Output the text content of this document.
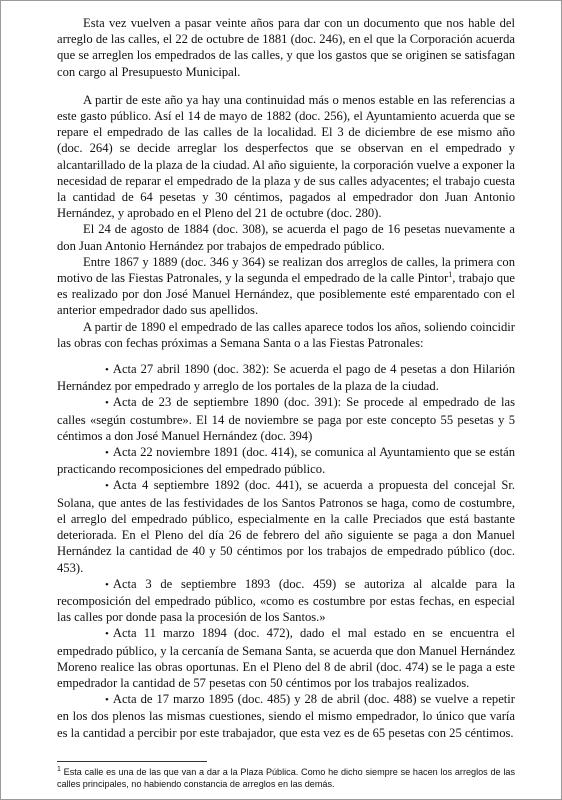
Esta vez vuelven a pasar veinte años para dar con un documento que nos hable del arreglo de las calles, el 22 de octubre de 1881 (doc. 246), en el que la Corporación acuerda que se arreglen los empedrados de las calles, y que los gastos que se originen se satisfagan con cargo al Presupuesto Municipal.

A partir de este año ya hay una continuidad más o menos estable en las referencias a este gasto público. Así el 14 de mayo de 1882 (doc. 256), el Ayuntamiento acuerda que se repare el empedrado de las calles de la localidad. El 3 de diciembre de ese mismo año (doc. 264) se decide arreglar los desperfectos que se observan en el empedrado y alcantarillado de la plaza de la ciudad. Al año siguiente, la corporación vuelve a exponer la necesidad de reparar el empedrado de la plaza y de sus calles adyacentes; el trabajo cuesta la cantidad de 64 pesetas y 30 céntimos, pagados al empedrador don Juan Antonio Hernández, y aprobado en el Pleno del 21 de octubre (doc. 280).

El 24 de agosto de 1884 (doc. 308), se acuerda el pago de 16 pesetas nuevamente a don Juan Antonio Hernández por trabajos de empedrado público.

Entre 1867 y 1889 (doc. 346 y 364) se realizan dos arreglos de calles, la primera con motivo de las Fiestas Patronales, y la segunda el empedrado de la calle Pintor$^1$, trabajo que es realizado por don José Manuel Hernández, que posiblemente esté emparentado con el anterior empedrador dado sus apellidos.

A partir de 1890 el empedrado de las calles aparece todos los años, soliendo coincidir las obras con fechas próximas a Semana Santa o a las Fiestas Patronales:

• Acta 27 abril 1890 (doc. 382): Se acuerda el pago de 4 pesetas a don Hilarión Hernández por empedrado y arreglo de los portales de la plaza de la ciudad.

• Acta de 23 de septiembre 1890 (doc. 391): Se procede al empedrado de las calles «según costumbre». El 14 de noviembre se paga por este concepto 55 pesetas y 5 céntimos a don José Manuel Hernández (doc. 394)

• Acta 22 noviembre 1891 (doc. 414), se comunica al Ayuntamiento que se están practicando recomposiciones del empedrado público.

• Acta 4 septiembre 1892 (doc. 441), se acuerda a propuesta del concejal Sr. Solana, que antes de las festividades de los Santos Patronos se haga, como de costumbre, el arreglo del empedrado público, especialmente en la calle Preciados que está bastante deteriorada. En el Pleno del día 26 de febrero del año siguiente se paga a don Manuel Hernández la cantidad de 40 y 50 céntimos por los trabajos de empedrado público (doc. 453).

• Acta 3 de septiembre 1893 (doc. 459) se autoriza al alcalde para la recomposición del empedrado público, «como es costumbre por estas fechas, en especial las calles por donde pasa la procesión de los Santos.»

• Acta 11 marzo 1894 (doc. 472), dado el mal estado en se encuentra el empedrado público, y la cercanía de Semana Santa, se acuerda que don Manuel Hernández Moreno realice las obras oportunas. En el Pleno del 8 de abril (doc. 474) se le paga a este empedrador la cantidad de 57 pesetas con 50 céntimos por los trabajos realizados.

• Acta de 17 marzo 1895 (doc. 485) y 28 de abril (doc. 488) se vuelve a repetir en los dos plenos las mismas cuestiones, siendo el mismo empedrador, lo único que varía es la cantidad a percibir por este trabajador, que esta vez es de 65 pesetas con 25 céntimos.

$^1$ Esta calle es una de las que van a dar a la Plaza Pública. Como he dicho siempre se hacen los arreglos de las calles principales, no habiendo constancia de arreglos en las demás.
